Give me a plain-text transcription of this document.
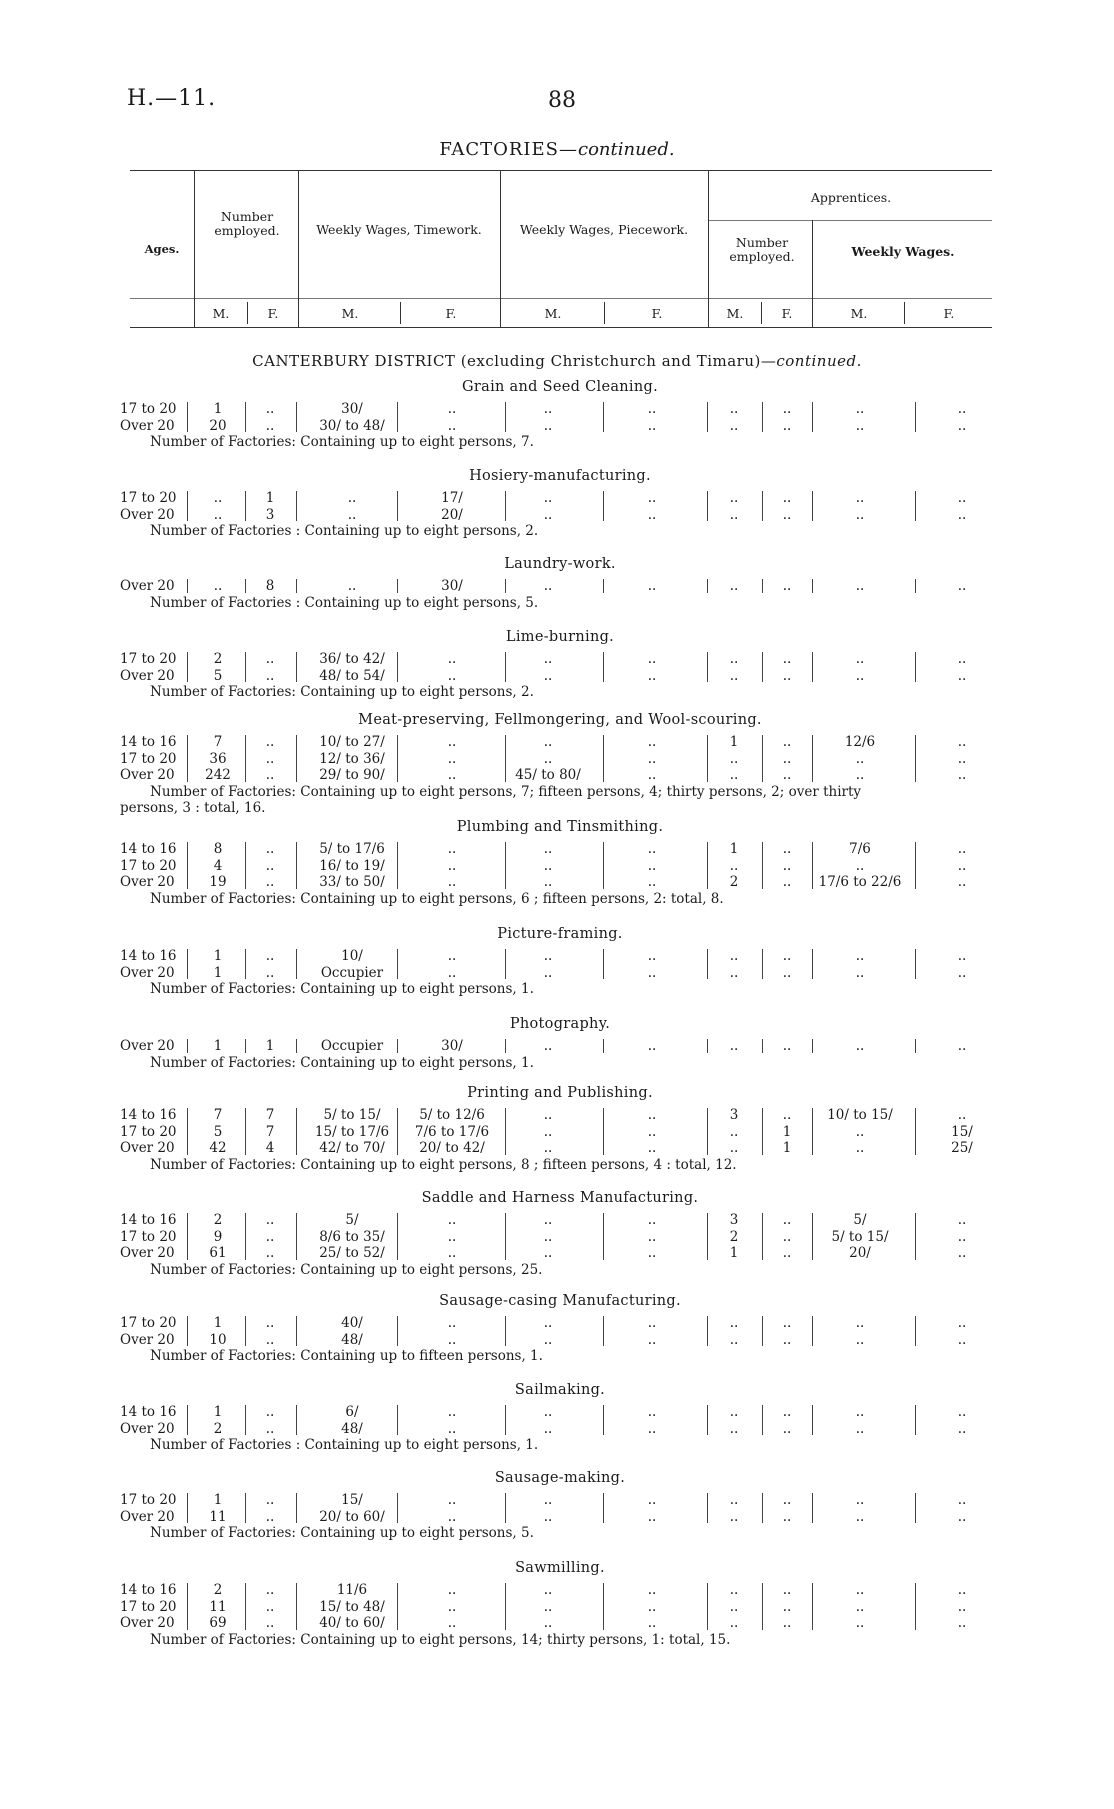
H.—11.	88
FACTORIES—continued.
Ages.
Number employed.	Weekly Wages, Timework.	Weekly Wages, Piecework.
Apprentices.
Number employed.	Weekly Wages.
M.	F.	M.	F.	M.	F.	M.	F.	M.	F.
CANTERBURY DISTRICT (excluding Christchurch and Timaru)—continued.
Grain and Seed Cleaning.
17 to 20	1	..	30/	..	..	..	..	..	..	..
Over 20	20	..	30/ to 48/	..	..	..	..	..	..	..
Number of Factories: Containing up to eight persons, 7.
Hosiery-manufacturing.
17 to 20	..	1	..	17/	..	..	..	..	..	..
Over 20	..	3	..	20/	..	..	..	..	..	..
Number of Factories : Containing up to eight persons, 2.
Laundry-work.
Over 20	..	8	..	30/	..	..	..	..	..	..
Number of Factories : Containing up to eight persons, 5.
Lime-burning.
17 to 20	2	..	36/ to 42/	..	..	..	..	..	..	..
Over 20	5	..	48/ to 54/	..	..	..	..	..	..	..
Number of Factories: Containing up to eight persons, 2.
Meat-preserving, Fellmongering, and Wool-scouring.
14 to 16	7	..	10/ to 27/	..	..	..	1	..	12/6	..
17 to 20	36	..	12/ to 36/	..	..	..	..	..	..	..
Over 20	242	..	29/ to 90/	..	45/ to 80/	..	..	..	..	..
Number of Factories: Containing up to eight persons, 7; fifteen persons, 4; thirty persons, 2; over thirty
persons, 3 : total, 16.
Plumbing and Tinsmithing.
14 to 16	8	..	5/ to 17/6	..	..	..	1	..	7/6	..
17 to 20	4	..	16/ to 19/	..	..	..	..	..	..	..
Over 20	19	..	33/ to 50/	..	..	..	2	..	17/6 to 22/6	..
Number of Factories: Containing up to eight persons, 6 ; fifteen persons, 2: total, 8.
Picture-framing.
14 to 16	1	..	10/	..	..	..	..	..	..	..
Over 20	1	..	Occupier	..	..	..	..	..	..	..
Number of Factories: Containing up to eight persons, 1.
Photography.
Over 20	1	1	Occupier	30/	..	..	..	..	..	..
Number of Factories: Containing up to eight persons, 1.
Printing and Publishing.
14 to 16	7	7	5/ to 15/	5/ to 12/6	..	..	3	..	10/ to 15/	..
17 to 20	5	7	15/ to 17/6	7/6 to 17/6	..	..	..	1	..	15/
Over 20	42	4	42/ to 70/	20/ to 42/	..	..	..	1	..	25/
Number of Factories: Containing up to eight persons, 8 ; fifteen persons, 4 : total, 12.
Saddle and Harness Manufacturing.
14 to 16	2	..	5/	..	..	..	3	..	5/	..
17 to 20	9	..	8/6 to 35/	..	..	..	2	..	5/ to 15/	..
Over 20	61	..	25/ to 52/	..	..	..	1	..	20/	..
Number of Factories: Containing up to eight persons, 25.
Sausage-casing Manufacturing.
17 to 20	1	..	40/	..	..	..	..	..	..	..
Over 20	10	..	48/	..	..	..	..	..	..	..
Number of Factories: Containing up to fifteen persons, 1.
Sailmaking.
14 to 16	1	..	6/	..	..	..	..	..	..	..
Over 20	2	..	48/	..	..	..	..	..	..	..
Number of Factories : Containing up to eight persons, 1.
Sausage-making.
17 to 20	1	..	15/	..	..	..	..	..	..	..
Over 20	11	..	20/ to 60/	..	..	..	..	..	..	..
Number of Factories: Containing up to eight persons, 5.
Sawmilling.
14 to 16	2	..	11/6	..	..	..	..	..	..	..
17 to 20	11	..	15/ to 48/	..	..	..	..	..	..	..
Over 20	69	..	40/ to 60/	..	..	..	..	..	..	..
Number of Factories: Containing up to eight persons, 14; thirty persons, 1: total, 15.
